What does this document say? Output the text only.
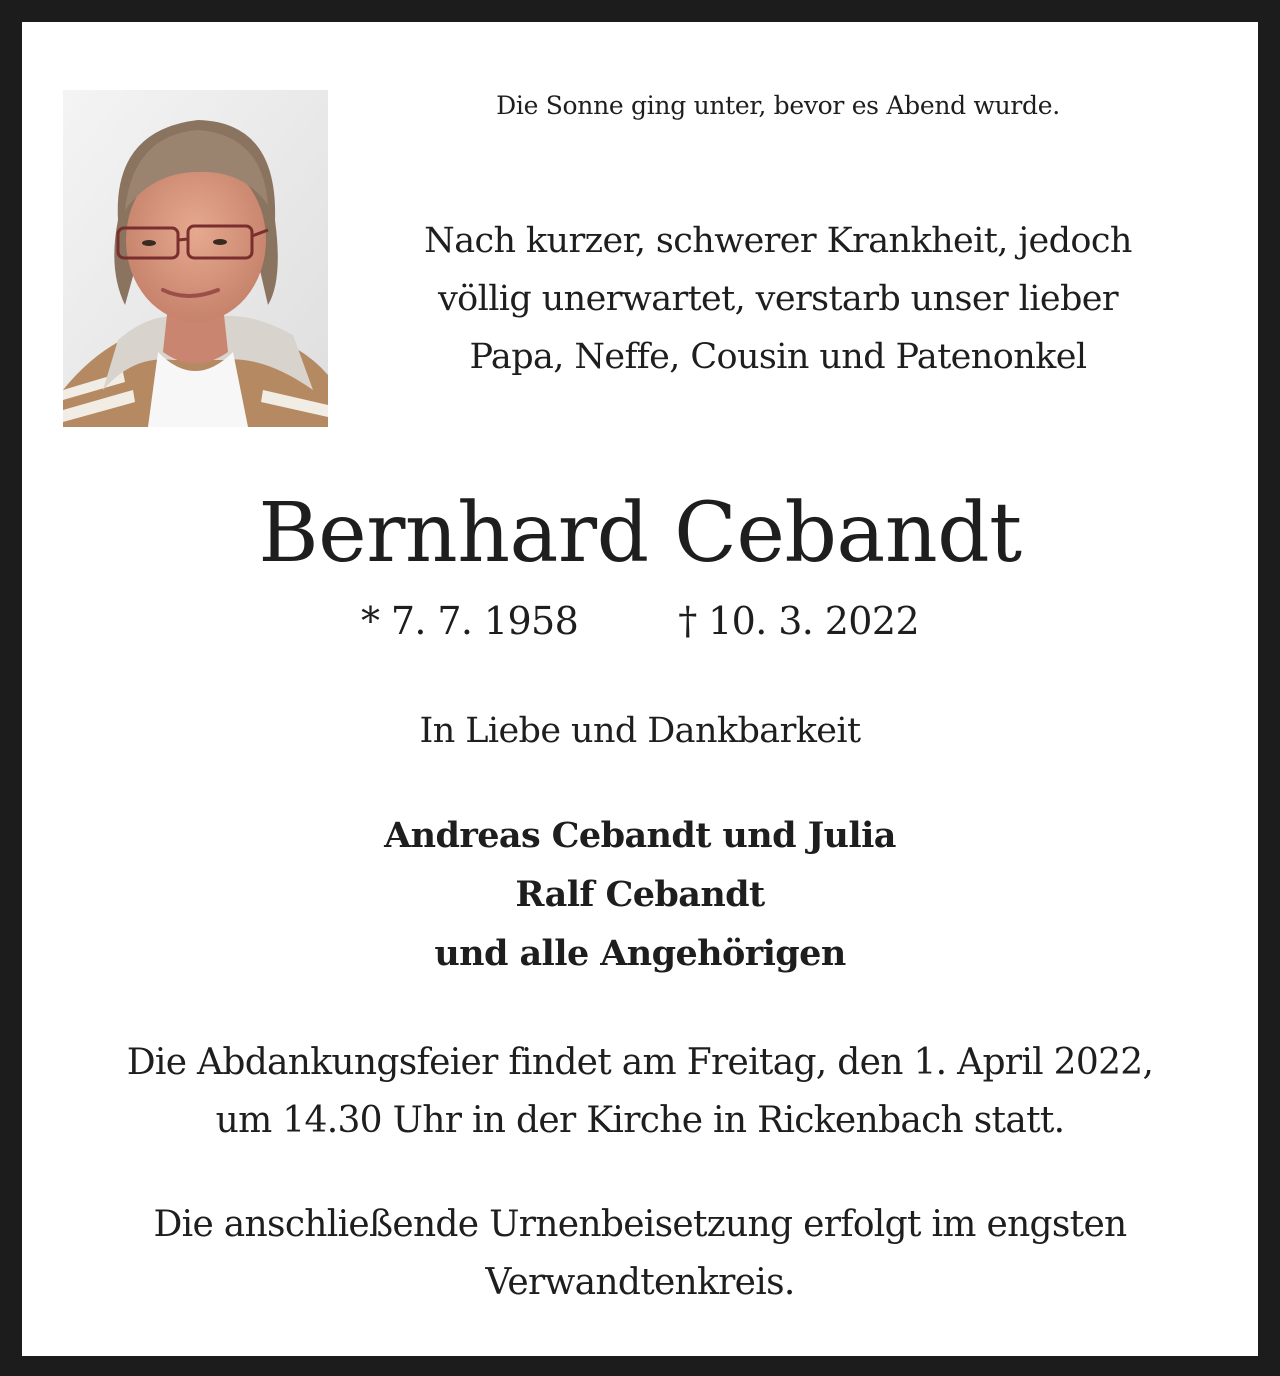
Die Sonne ging unter, bevor es Abend wurde.
Nach kurzer, schwerer Krankheit, jedoch
völlig unerwartet, verstarb unser lieber
Papa, Neffe, Cousin und Patenonkel
Bernhard Cebandt
* 7. 7. 1958	† 10. 3. 2022
In Liebe und Dankbarkeit
Andreas Cebandt und Julia
Ralf Cebandt
und alle Angehörigen
Die Abdankungsfeier findet am Freitag, den 1. April 2022,
um 14.30 Uhr in der Kirche in Rickenbach statt.
Die anschließende Urnenbeisetzung erfolgt im engsten
Verwandtenkreis.
